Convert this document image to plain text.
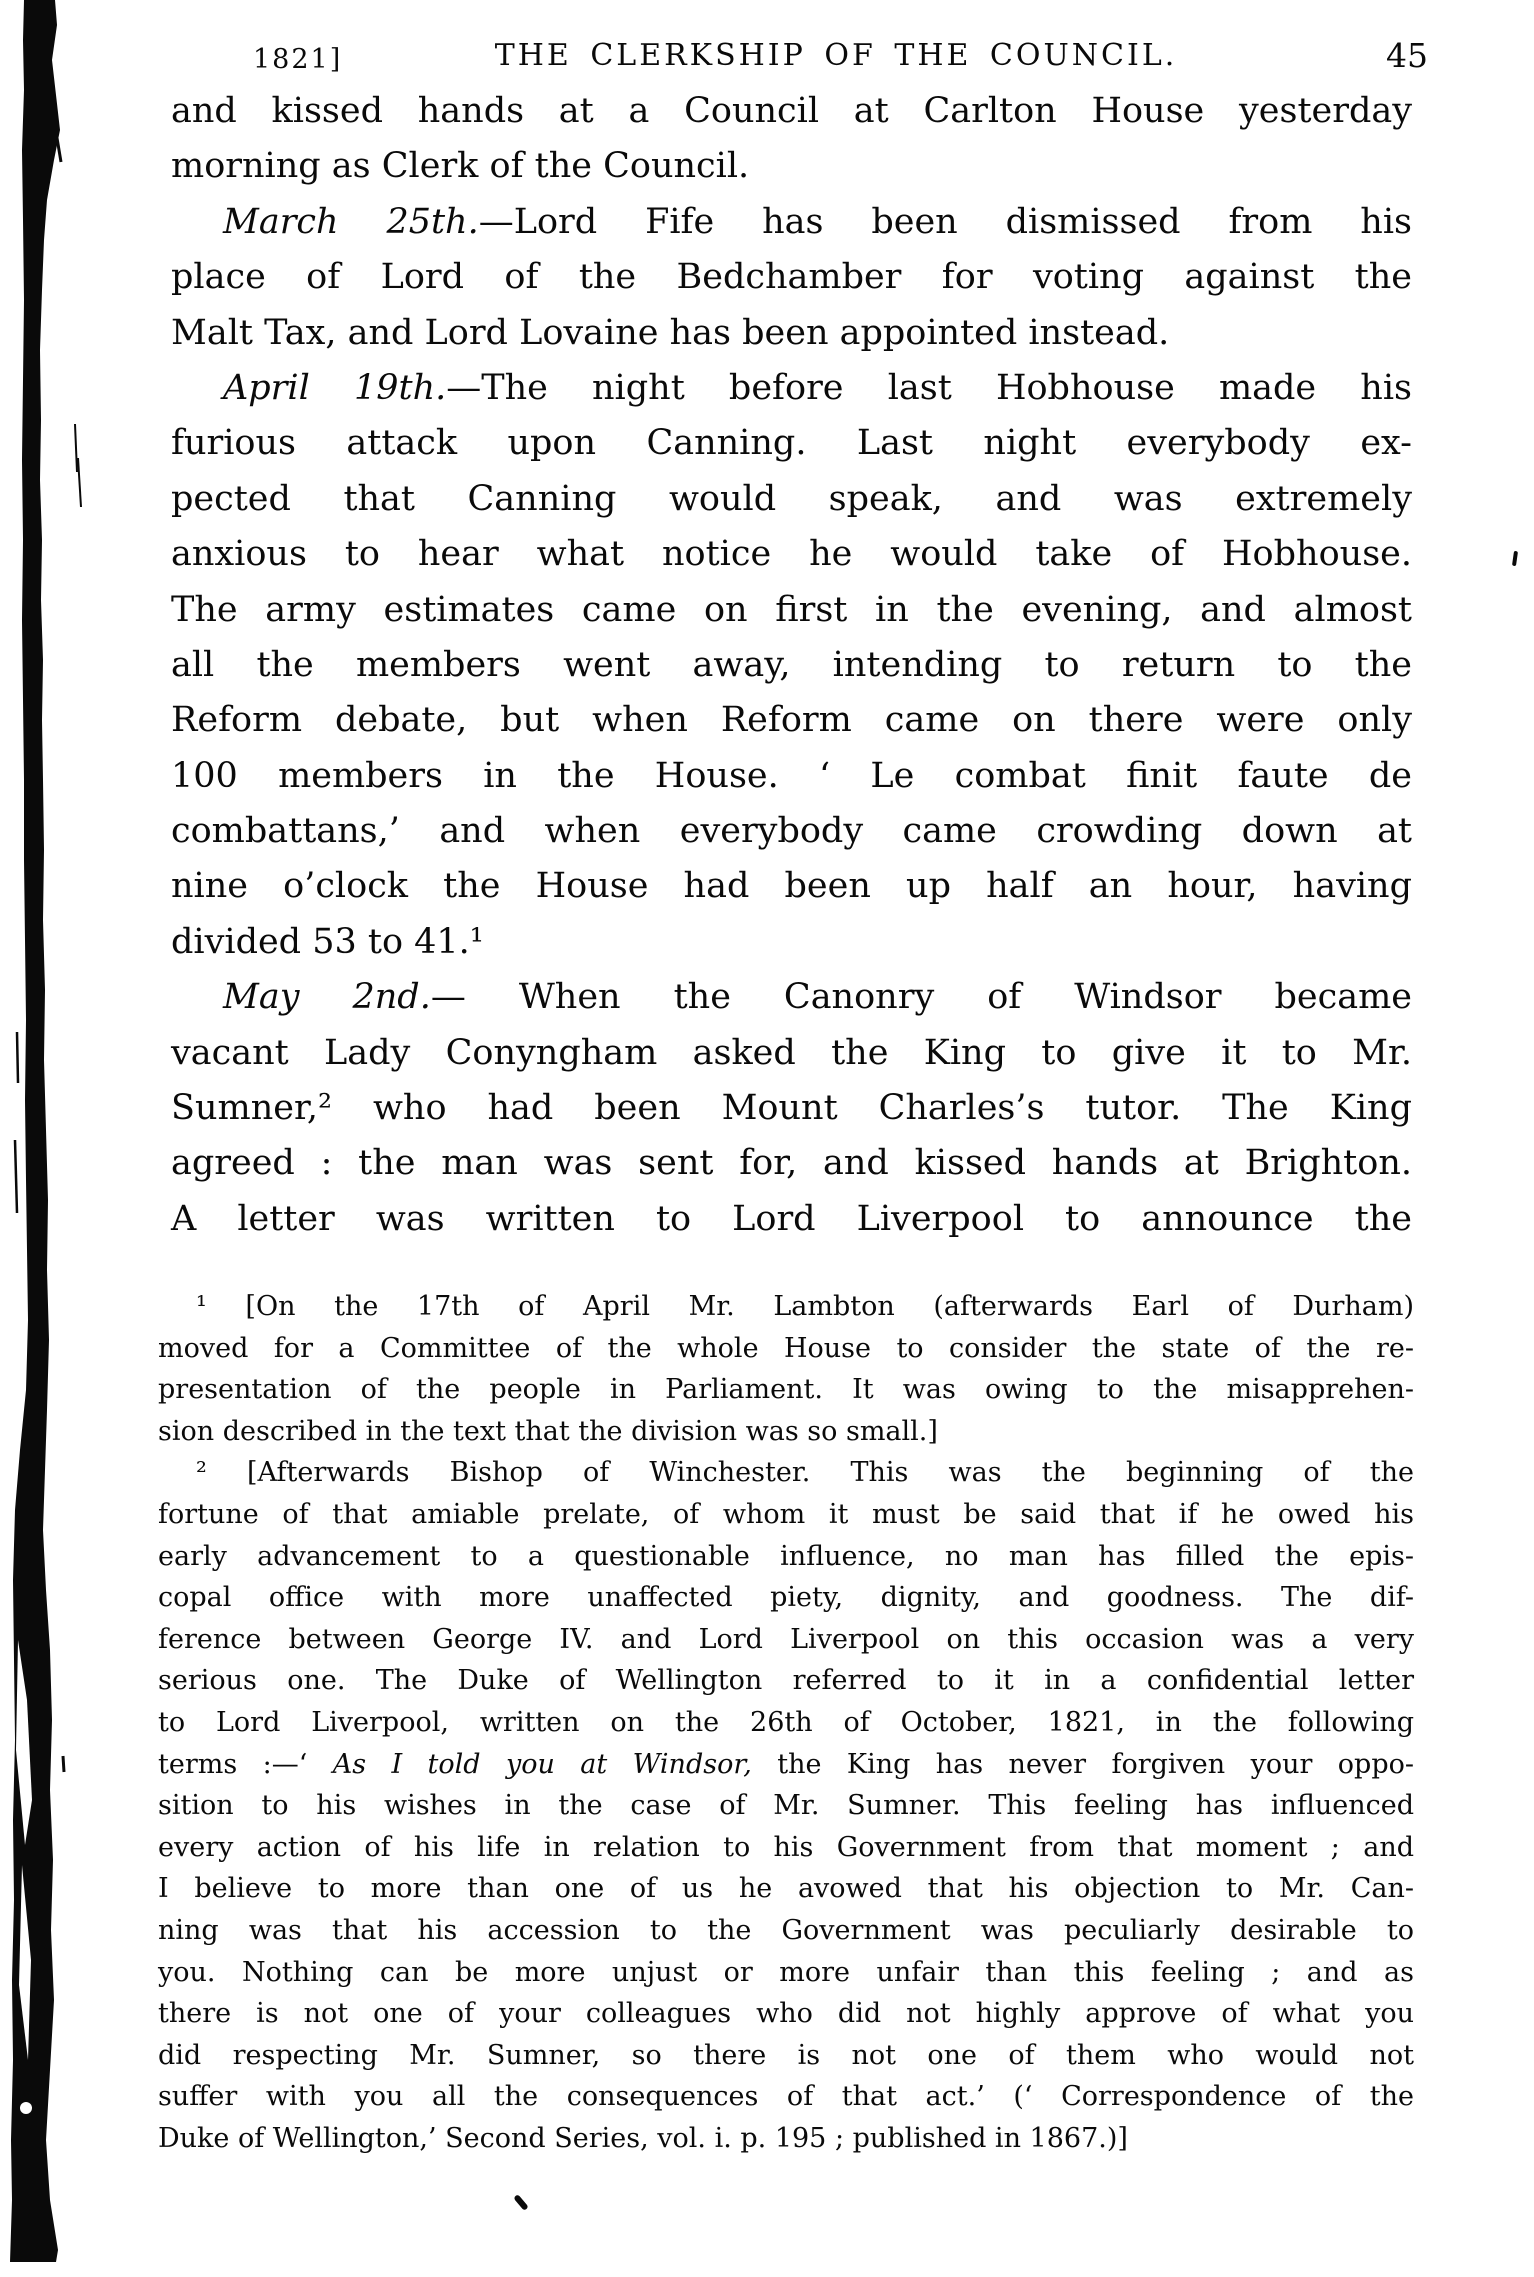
1821]	THE CLERKSHIP OF THE COUNCIL.	45
and kissed hands at a Council at Carlton House yesterday
morning as Clerk of the Council.
March 25th.—Lord Fife has been dismissed from his
place of Lord of the Bedchamber for voting against the
Malt Tax, and Lord Lovaine has been appointed instead.
April 19th.—The night before last Hobhouse made his
furious attack upon Canning. Last night everybody ex-
pected that Canning would speak, and was extremely
anxious to hear what notice he would take of Hobhouse.
The army estimates came on first in the evening, and almost
all the members went away, intending to return to the
Reform debate, but when Reform came on there were only
100 members in the House. ‘ Le combat finit faute de
combattans,’ and when everybody came crowding down at
nine o’clock the House had been up half an hour, having
divided 53 to 41.¹
May 2nd.— When the Canonry of Windsor became
vacant Lady Conyngham asked the King to give it to Mr.
Sumner,² who had been Mount Charles’s tutor. The King
agreed : the man was sent for, and kissed hands at Brighton.
A letter was written to Lord Liverpool to announce the
¹ [On the 17th of April Mr. Lambton (afterwards Earl of Durham)
moved for a Committee of the whole House to consider the state of the re-
presentation of the people in Parliament. It was owing to the misapprehen-
sion described in the text that the division was so small.]
² [Afterwards Bishop of Winchester. This was the beginning of the
fortune of that amiable prelate, of whom it must be said that if he owed his
early advancement to a questionable influence, no man has filled the epis-
copal office with more unaffected piety, dignity, and goodness. The dif-
ference between George IV. and Lord Liverpool on this occasion was a very
serious one. The Duke of Wellington referred to it in a confidential letter
to Lord Liverpool, written on the 26th of October, 1821, in the following
terms :—‘ As I told you at Windsor, the King has never forgiven your oppo-
sition to his wishes in the case of Mr. Sumner. This feeling has influenced
every action of his life in relation to his Government from that moment ; and
I believe to more than one of us he avowed that his objection to Mr. Can-
ning was that his accession to the Government was peculiarly desirable to
you. Nothing can be more unjust or more unfair than this feeling ; and as
there is not one of your colleagues who did not highly approve of what you
did respecting Mr. Sumner, so there is not one of them who would not
suffer with you all the consequences of that act.’ (‘ Correspondence of the
Duke of Wellington,’ Second Series, vol. i. p. 195 ; published in 1867.)]
